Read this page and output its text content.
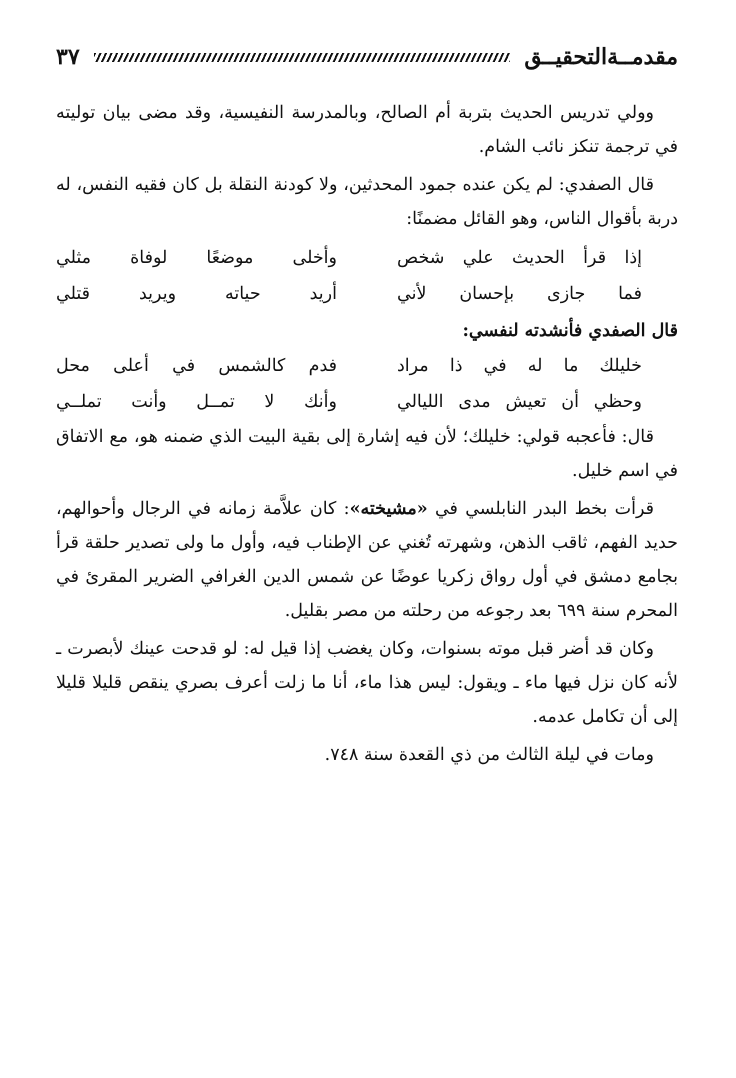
مقدمــةالتحقيــق
٣٧

وولي تدريس الحديث بتربة أم الصالح، وبالمدرسة النفيسية، وقد مضى بيان توليته في ترجمة تنكز نائب الشام.

قال الصفدي: لم يكن عنده جمود المحدثين، ولا كودنة النقلة بل كان فقيه النفس، له دربة بأقوال الناس، وهو القائل مضمنًا:

إذا قرأ الحديث علي شخص
وأخلى موضعًا لوفاة مثلي
فما جازى بإحسان لأني
أريد حياته ويريد قتلي

قال الصفدي فأنشدته لنفسي:

خليلك ما له في ذا مراد
فدم كالشمس في أعلى محل
وحظي أن تعيش مدى الليالي
وأنك لا تمــل وأنت تملــي

قال: فأعجبه قولي: خليلك؛ لأن فيه إشارة إلى بقية البيت الذي ضمنه هو، مع الاتفاق في اسم خليل.

قرأت بخط البدر النابلسي في «مشيخته»: كان علاَّمة زمانه في الرجال وأحوالهم، حديد الفهم، ثاقب الذهن، وشهرته تُغني عن الإطناب فيه، وأول ما ولى تصدير حلقة قرأ بجامع دمشق في أول رواق زكريا عوضًا عن شمس الدين الغرافي الضرير المقرئ في المحرم سنة ٦٩٩ بعد رجوعه من رحلته من مصر بقليل.

وكان قد أضر قبل موته بسنوات، وكان يغضب إذا قيل له: لو قدحت عينك لأبصرت ـ لأنه كان نزل فيها ماء ـ ويقول: ليس هذا ماء، أنا ما زلت أعرف بصري ينقص قليلا قليلا إلى أن تكامل عدمه.

ومات في ليلة الثالث من ذي القعدة سنة ٧٤٨.
